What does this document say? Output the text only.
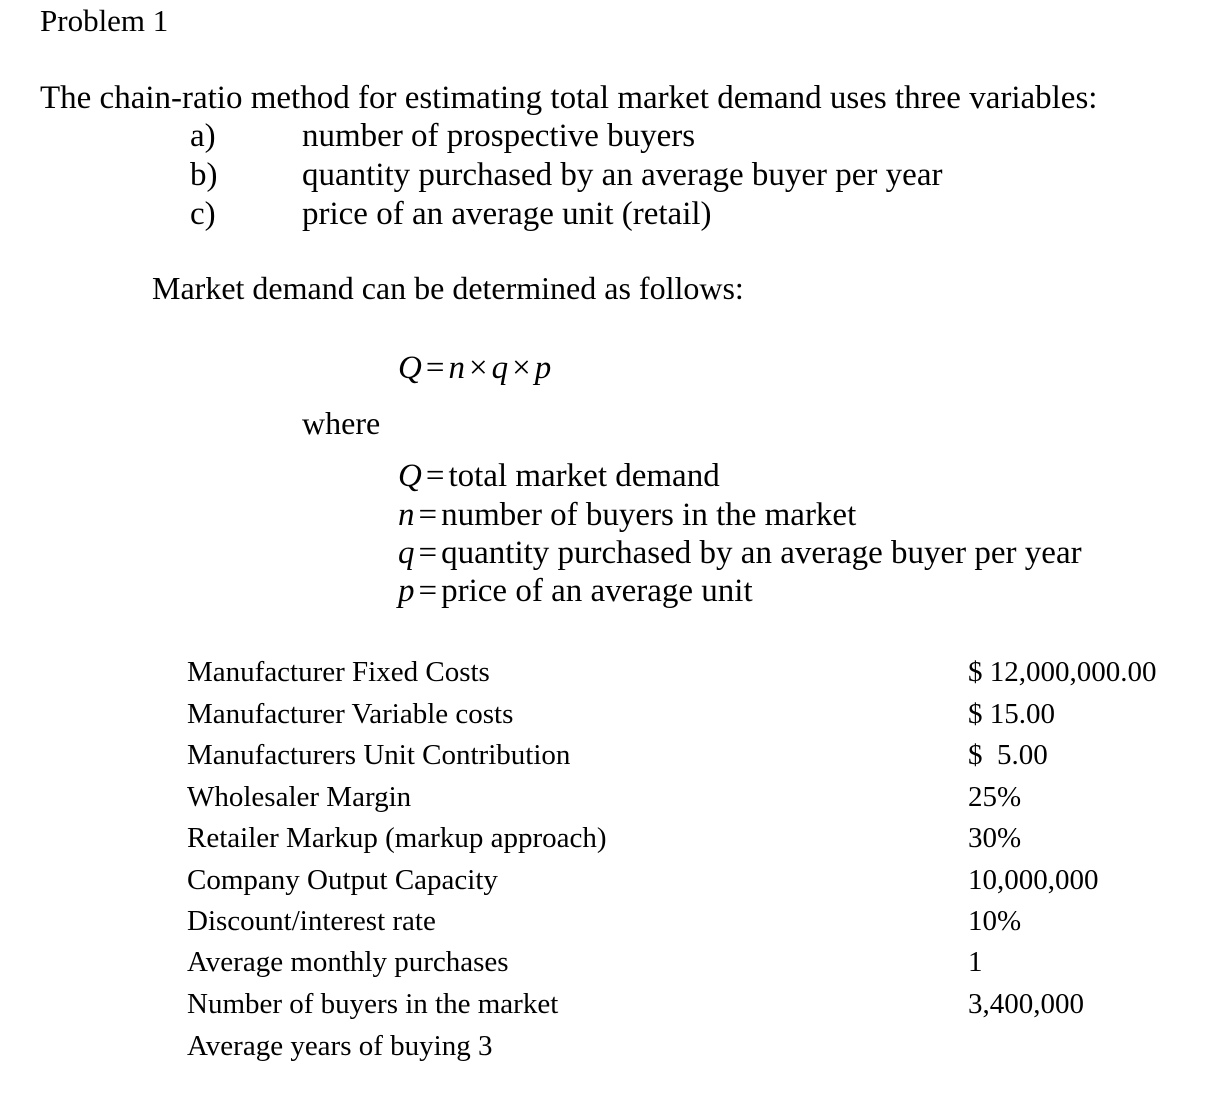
Problem 1
The chain-ratio method for estimating total market demand uses three variables:
a)	number of prospective buyers
b)	quantity purchased by an average buyer per year
c)	price of an average unit (retail)
Market demand can be determined as follows:
Q=n×q×p
where
Q = total market demand
n = number of buyers in the market
q = quantity purchased by an average buyer per year
p = price of an average unit
Manufacturer Fixed Costs	$ 12,000,000.00
Manufacturer Variable costs	$ 15.00
Manufacturers Unit Contribution	$  5.00
Wholesaler Margin	25%
Retailer Markup (markup approach)	30%
Company Output Capacity	10,000,000
Discount/interest rate	10%
Average monthly purchases	1
Number of buyers in the market	3,400,000
Average years of buying 3
